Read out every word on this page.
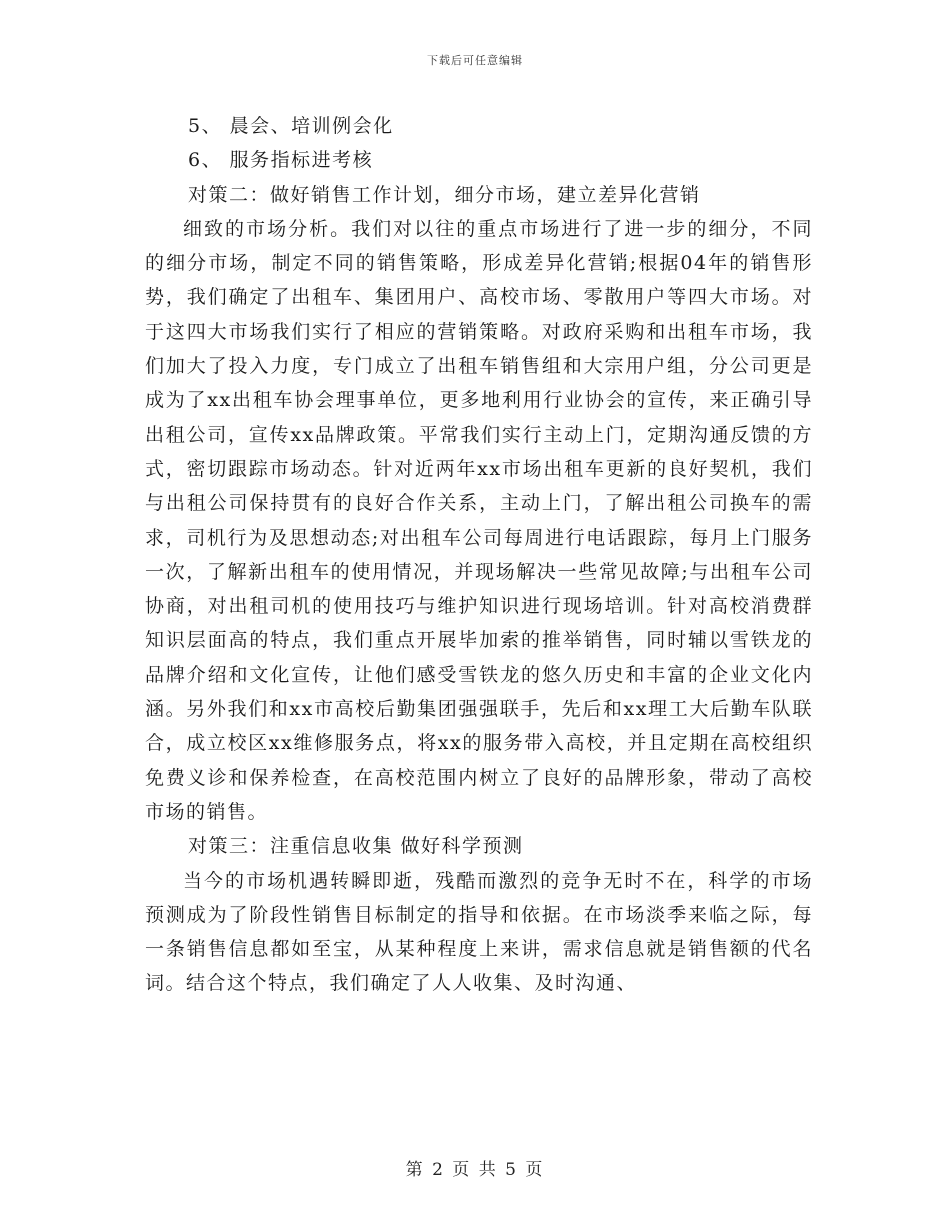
下载后可任意编辑

5、 晨会、培训例会化

6、 服务指标进考核

对策二：做好销售工作计划，细分市场，建立差异化营销

细致的市场分析。我们对以往的重点市场进行了进一步的细分，不同的细分市场，制定不同的销售策略，形成差异化营销;根据04年的销售形势，我们确定了出租车、集团用户、高校市场、零散用户等四大市场。对于这四大市场我们实行了相应的营销策略。对政府采购和出租车市场，我们加大了投入力度，专门成立了出租车销售组和大宗用户组，分公司更是成为了xx出租车协会理事单位，更多地利用行业协会的宣传，来正确引导出租公司，宣传xx品牌政策。平常我们实行主动上门，定期沟通反馈的方式，密切跟踪市场动态。针对近两年xx市场出租车更新的良好契机，我们与出租公司保持贯有的良好合作关系，主动上门，了解出租公司换车的需求，司机行为及思想动态;对出租车公司每周进行电话跟踪，每月上门服务一次，了解新出租车的使用情况，并现场解决一些常见故障;与出租车公司协商，对出租司机的使用技巧与维护知识进行现场培训。针对高校消费群知识层面高的特点，我们重点开展毕加索的推举销售，同时辅以雪铁龙的品牌介绍和文化宣传，让他们感受雪铁龙的悠久历史和丰富的企业文化内涵。另外我们和xx市高校后勤集团强强联手，先后和xx理工大后勤车队联合，成立校区xx维修服务点，将xx的服务带入高校，并且定期在高校组织免费义诊和保养检查，在高校范围内树立了良好的品牌形象，带动了高校市场的销售。

对策三：注重信息收集 做好科学预测

当今的市场机遇转瞬即逝，残酷而激烈的竞争无时不在，科学的市场预测成为了阶段性销售目标制定的指导和依据。在市场淡季来临之际，每一条销售信息都如至宝，从某种程度上来讲，需求信息就是销售额的代名词。结合这个特点，我们确定了人人收集、及时沟通、

第 2 页 共 5 页
